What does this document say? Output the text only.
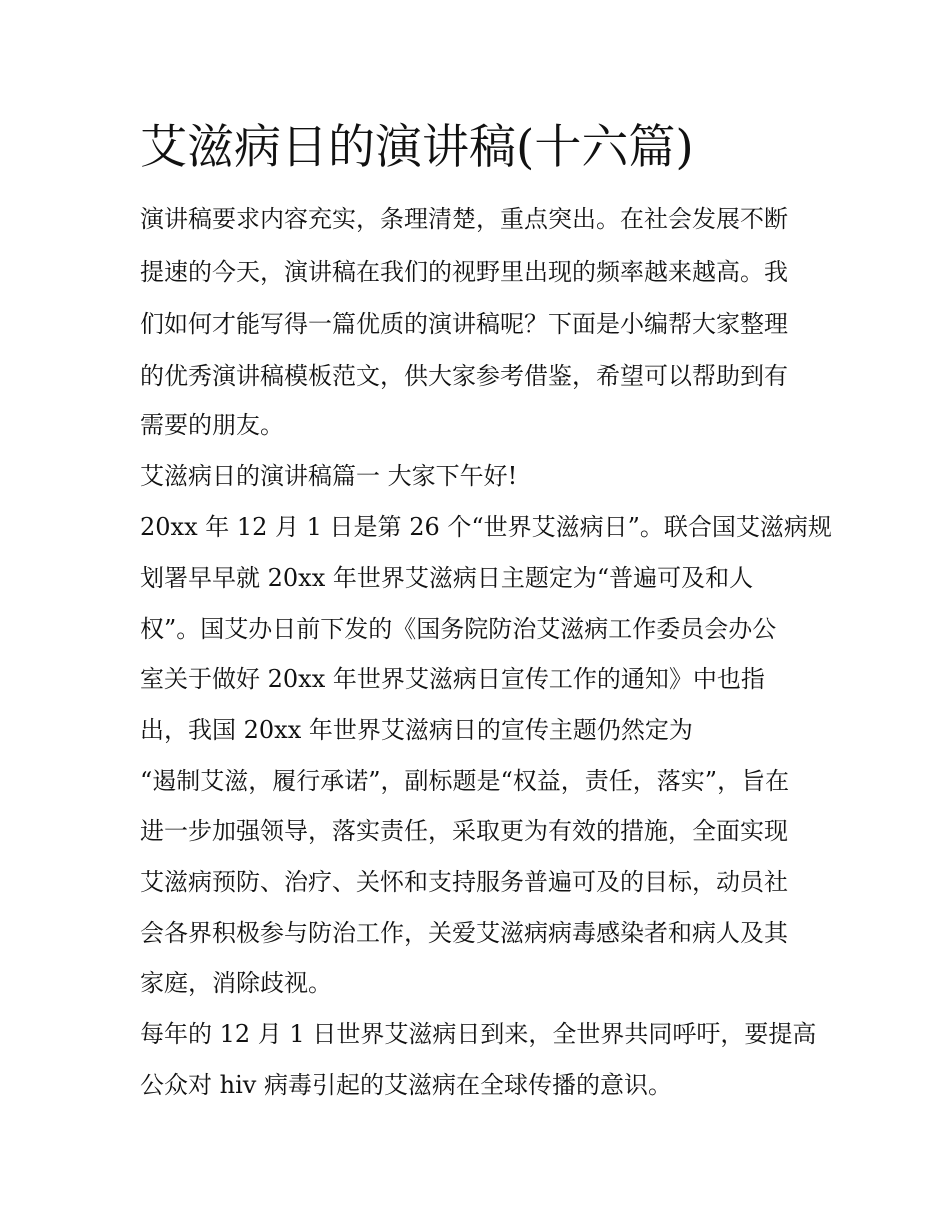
艾滋病日的演讲稿(十六篇)

演讲稿要求内容充实，条理清楚，重点突出。在社会发展不断

提速的今天，演讲稿在我们的视野里出现的频率越来越高。我

们如何才能写得一篇优质的演讲稿呢？下面是小编帮大家整理

的优秀演讲稿模板范文，供大家参考借鉴，希望可以帮助到有

需要的朋友。

艾滋病日的演讲稿篇一 大家下午好!

20xx 年 12 月 1 日是第 26 个“世界艾滋病日”。联合国艾滋病规

划署早早就 20xx 年世界艾滋病日主题定为“普遍可及和人

权”。国艾办日前下发的《国务院防治艾滋病工作委员会办公

室关于做好 20xx 年世界艾滋病日宣传工作的通知》中也指

出，我国 20xx 年世界艾滋病日的宣传主题仍然定为

“遏制艾滋，履行承诺”，副标题是“权益，责任，落实”，旨在

进一步加强领导，落实责任，采取更为有效的措施，全面实现

艾滋病预防、治疗、关怀和支持服务普遍可及的目标，动员社

会各界积极参与防治工作，关爱艾滋病病毒感染者和病人及其

家庭，消除歧视。

每年的 12 月 1 日世界艾滋病日到来，全世界共同呼吁，要提高

公众对 hiv 病毒引起的艾滋病在全球传播的意识。
